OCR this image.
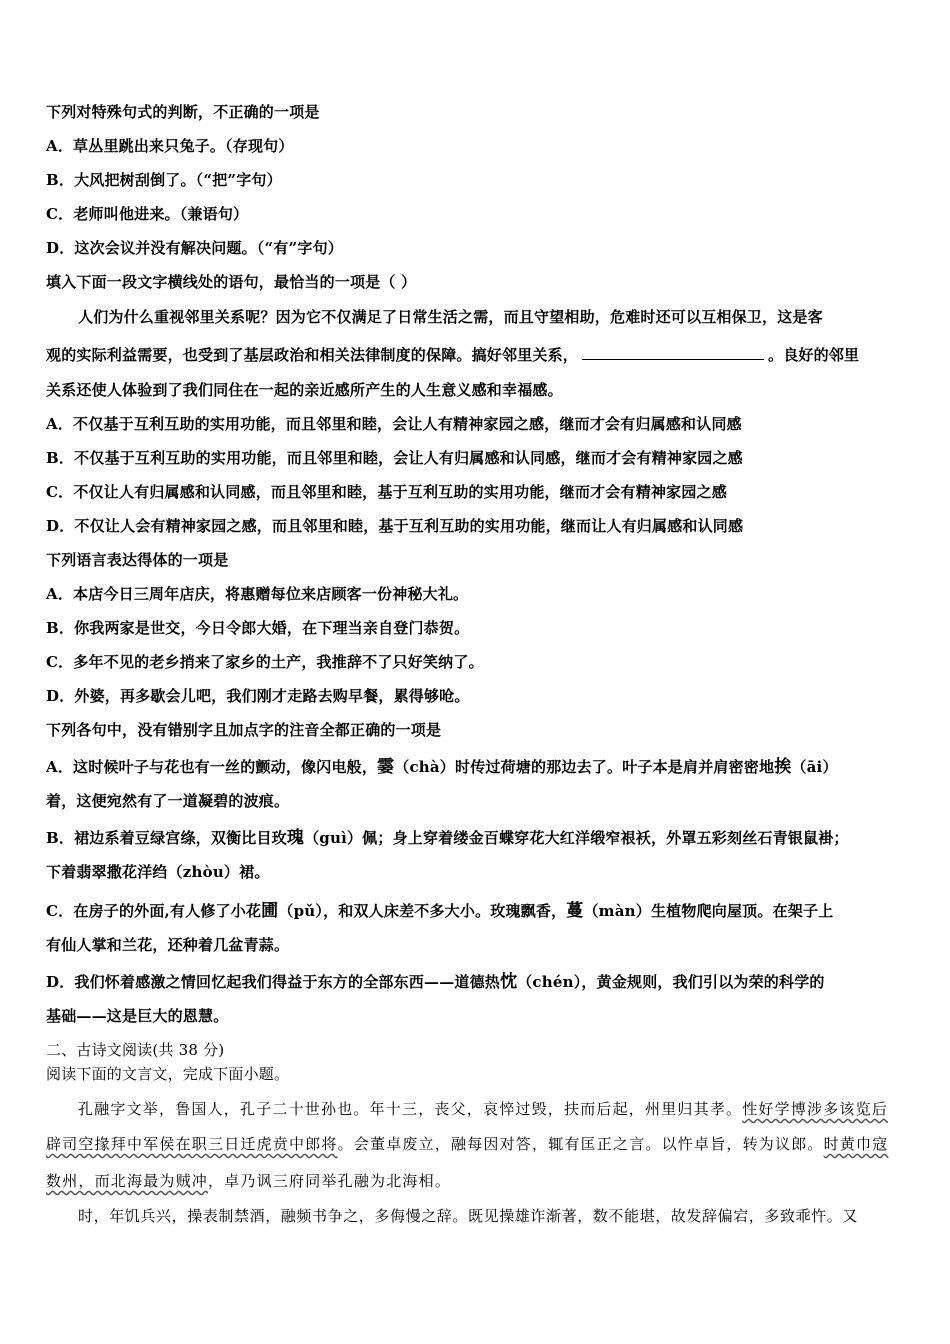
下列对特殊句式的判断，不正确的一项是
A．草丛里跳出来只兔子。（存现句）
B．大风把树刮倒了。（“把”字句）
C．老师叫他进来。（兼语句）
D．这次会议并没有解决问题。（“有”字句）
填入下面一段文字横线处的语句，最恰当的一项是（ ）
人们为什么重视邻里关系呢？因为它不仅满足了日常生活之需，而且守望相助，危难时还可以互相保卫，这是客
观的实际利益需要，也受到了基层政治和相关法律制度的保障。搞好邻里关系，	。良好的邻里
关系还使人体验到了我们同住在一起的亲近感所产生的人生意义感和幸福感。
A．不仅基于互利互助的实用功能，而且邻里和睦，会让人有精神家园之感，继而才会有归属感和认同感
B．不仅基于互利互助的实用功能，而且邻里和睦，会让人有归属感和认同感，继而才会有精神家园之感
C．不仅让人有归属感和认同感，而且邻里和睦，基于互利互助的实用功能，继而才会有精神家园之感
D．不仅让人会有精神家园之感，而且邻里和睦，基于互利互助的实用功能，继而让人有归属感和认同感
下列语言表达得体的一项是
A．本店今日三周年店庆，将惠赠每位来店顾客一份神秘大礼。
B．你我两家是世交，今日令郎大婚，在下理当亲自登门恭贺。
C．多年不见的老乡捎来了家乡的土产，我推辞不了只好笑纳了。
D．外婆，再多歇会儿吧，我们刚才走路去购早餐，累得够呛。
下列各句中，没有错别字且加点字的注音全都正确的一项是
A．这时候叶子与花也有一丝的颤动，像闪电般，霎（chà）时传过荷塘的那边去了。叶子本是肩并肩密密地挨（āi）
着，这便宛然有了一道凝碧的波痕。
B．裙边系着豆绿宫绦，双衡比目玫瑰（guì）佩；身上穿着缕金百蝶穿花大红洋缎窄裉袄，外罩五彩刻丝石青银鼠褂；
下着翡翠撒花洋绉（zhòu）裙。
C．在房子的外面,有人修了小花圃（pǔ），和双人床差不多大小。玫瑰飘香，蔓（màn）生植物爬向屋顶。在架子上
有仙人掌和兰花，还种着几盆青蒜。
D．我们怀着感激之情回忆起我们得益于东方的全部东西——道德热忱（chén），黄金规则，我们引以为荣的科学的
基础——这是巨大的恩慧。
二、古诗文阅读(共 38 分)
阅读下面的文言文，完成下面小题。
孔融字文举，鲁国人，孔子二十世孙也。年十三，丧父，哀悴过毁，扶而后起，州里归其孝。性好学博涉多该览后
辟司空掾拜中军侯在职三日迁虎贲中郎将。会董卓废立，融每因对答，辄有匡正之言。以忤卓旨，转为议郎。时黄巾寇
数州，而北海最为贼冲，卓乃讽三府同举孔融为北海相。
时，年饥兵兴，操表制禁酒，融频书争之，多侮慢之辞。既见操雄诈渐著，数不能堪，故发辞偏宕，多致乖忤。又
